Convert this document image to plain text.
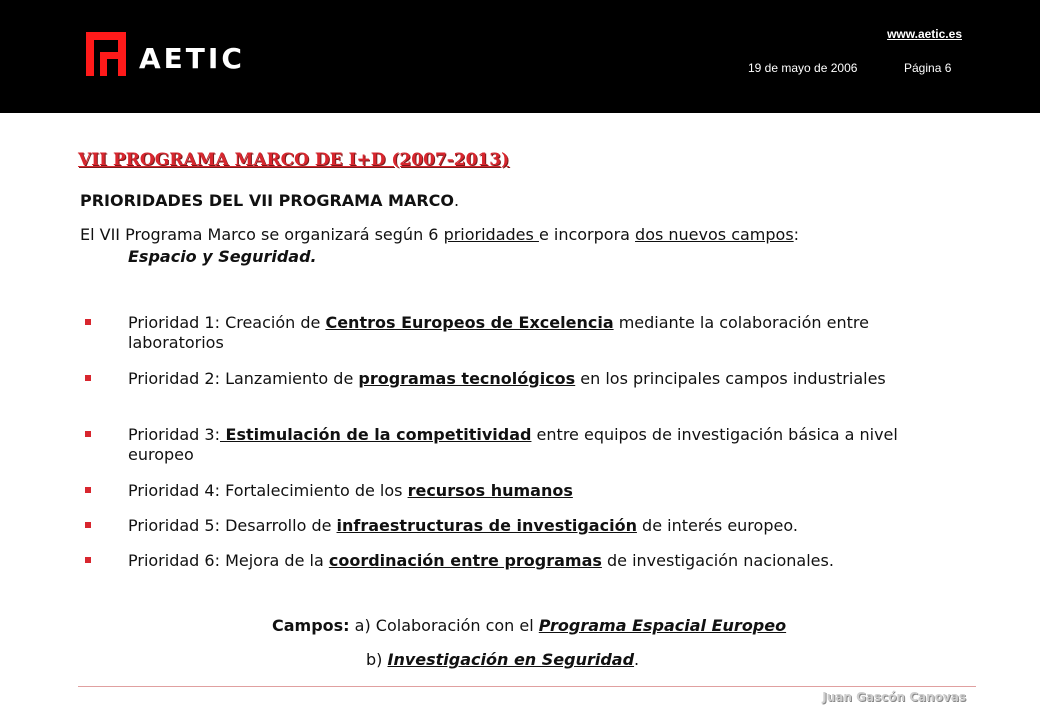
AETIC
www.aetic.es
19 de mayo de 2006	Página 6
VII PROGRAMA MARCO DE I+D (2007-2013)
PRIORIDADES DEL VII PROGRAMA MARCO.
El VII Programa Marco se organizará según 6 prioridades e incorpora dos nuevos campos:
Espacio y Seguridad.
Prioridad 1: Creación de Centros Europeos de Excelencia mediante la colaboración entre laboratorios
Prioridad 2: Lanzamiento de programas tecnológicos en los principales campos industriales
Prioridad 3: Estimulación de la competitividad entre equipos de investigación básica a nivel europeo
Prioridad 4: Fortalecimiento de los recursos humanos
Prioridad 5: Desarrollo de infraestructuras de investigación de interés europeo.
Prioridad 6: Mejora de la coordinación entre programas de investigación nacionales.
Campos: a) Colaboración con el Programa Espacial Europeo
b) Investigación en Seguridad.
Juan Gascón Canovas
